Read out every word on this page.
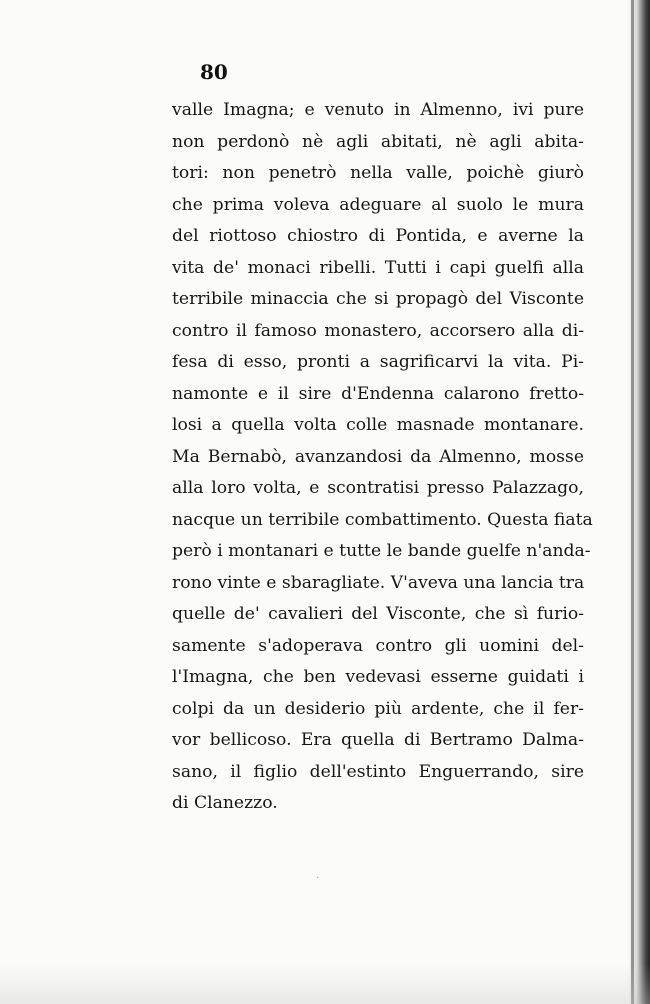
80
valle Imagna; e venuto in Almenno, ivi pure
non perdonò nè agli abitati, nè agli abita-
tori: non penetrò nella valle, poichè giurò
che prima voleva adeguare al suolo le mura
del riottoso chiostro di Pontida, e averne la
vita de' monaci ribelli. Tutti i capi guelfi alla
terribile minaccia che si propagò del Visconte
contro il famoso monastero, accorsero alla di-
fesa di esso, pronti a sagrificarvi la vita. Pi-
namonte e il sire d'Endenna calarono fretto-
losi a quella volta colle masnade montanare.
Ma Bernabò, avanzandosi da Almenno, mosse
alla loro volta, e scontratisi presso Palazzago,
nacque un terribile combattimento. Questa fiata
però i montanari e tutte le bande guelfe n'anda-
rono vinte e sbaragliate. V'aveva una lancia tra
quelle de' cavalieri del Visconte, che sì furio-
samente s'adoperava contro gli uomini del-
l'Imagna, che ben vedevasi esserne guidati i
colpi da un desiderio più ardente, che il fer-
vor bellicoso. Era quella di Bertramo Dalma-
sano, il figlio dell'estinto Enguerrando, sire
di Clanezzo.
·
